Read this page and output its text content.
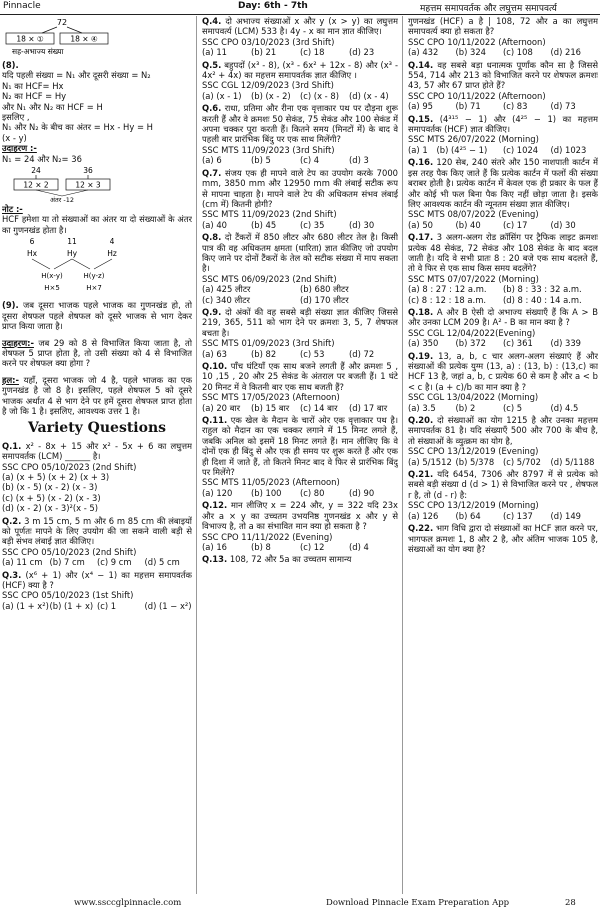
Pinnacle	Day: 6th - 7th	महत्तम समापवर्तक और लघुत्तम समापवर्त्य
72
18 × ①	18 × ④
सह-अभाज्य संख्या

(8).

यदि पहली संख्या = N₁ और दूसरी संख्या = N₂

N₁ का HCF= Hx

N₂ का HCF = Hy

और N₁ और N₂ का HCF = H

इसलिए ,

N₁ और N₂ के बीच का अंतर = Hx - Hy = H

(x - y)

उदाहरण :-

N₁ = 24 और N₂= 36

24	36
12 × 2	12 × 3
अंतर -12

नोट :-

HCF हमेशा या तो संख्याओं का अंतर या दो संख्याओं के अंतर का गुणनखंड होता है।

6	11	4
Hx	Hy	Hz
H(x-y)	H(y-z)
H×5	H×7

(9). जब दूसरा भाजक पहले भाजक का गुणनखंड हो, तो दूसरा शेषफल पहले शेषफल को दूसरे भाजक से भाग देकर प्राप्त किया जाता है।

उदाहरण:- जब 29 को 8 से विभाजित किया जाता है, तो शेषफल 5 प्राप्त होता है, तो उसी संख्या को 4 से विभाजित करने पर शेषफल क्या होगा ?

हल:- यहाँ, दूसरा भाजक जो 4 है, पहले भाजक का एक गुणनखंड है जो 8 है। इसलिए, पहले शेषफल 5 को दूसरे भाजक अर्थात 4 से भाग देने पर हमें दूसरा शेषफल प्राप्त होता है जो कि 1 है। इसलिए, आवश्यक उत्तर 1 है।

Variety Questions

Q.1. x² - 8x + 15 और x² - 5x + 6 का लघुत्तम समापवर्तक (LCM) ______ है।

SSC CPO 05/10/2023 (2nd Shift)

(a) (x + 5) (x + 2) (x + 3)

(b) (x - 5) (x - 2) (x - 3)

(c) (x + 5) (x - 2) (x - 3)

(d) (x - 2) (x - 3)²(x - 5)

Q.2. 3 m 15 cm, 5 m और 6 m 85 cm की लंबाइयों को पूर्णतः मापने के लिए उपयोग की जा सकने वाली बड़ी से बड़ी संभव लंबाई ज्ञात कीजिए।

SSC CPO 05/10/2023 (2nd Shift)

(a) 11 cm (b) 7 cm	(c) 9 cm	(d) 5 cm

Q.3. (x⁶ + 1) और (x⁴ − 1) का महत्तम समापवर्तक (HCF) क्या है ?

SSC CPO 05/10/2023 (1st Shift)

(a) (1 + x²) (b) (1 + x) (c) 1	(d) (1 − x²)

Q.4. दो अभाज्य संख्याओं x और y (x > y) का लघुत्तम समापवर्त्य (LCM) 533 है। 4y - x का मान ज्ञात कीजिए।

SSC CPO 03/10/2023 (3rd Shift)

(a) 11	(b) 21	(c) 18	(d) 23

Q.5. बहुपदों (x³ - 8), (x³ - 6x² + 12x - 8) और (x³ - 4x² + 4x) का महत्तम समापवर्तक ज्ञात कीजिए ।

SSC CGL 12/09/2023 (3rd Shift)

(a) (x - 1)	(b) (x - 2)	(c) (x - 8)	(d) (x - 4)

Q.6. राधा, प्रतिमा और रीना एक वृत्ताकार पथ पर दौड़ना शुरू करती हैं और वे क्रमशः 50 सेकंड, 75 सेकंड और 100 सेकंड में अपना चक्कर पूरा करती हैं। कितने समय (मिनटों में) के बाद वे पहली बार प्रारंभिक बिंदु पर एक साथ मिलेंगी?

SSC MTS 11/09/2023 (3rd Shift)

(a) 6	(b) 5	(c) 4	(d) 3

Q.7. संजय एक ही मापने वाले टेप का उपयोग करके 7000 mm, 3850 mm और 12950 mm की लंबाई सटीक रूप से मापना चाहता है। मापने वाले टेप की अधिकतम संभव लंबाई (cm में) कितनी होगी?

SSC MTS 11/09/2023 (2nd Shift)

(a) 40	(b) 45	(c) 35	(d) 30

Q.8. दो टैंकरों में 850 लीटर और 680 लीटर तेल है। किसी पात्र की वह अधिकतम क्षमता (धारिता) ज्ञात कीजिए जो उपयोग किए जाने पर दोनों टैंकरों के तेल को सटीक संख्या में माप सकता है।

SSC MTS 06/09/2023 (2nd Shift)

(a) 425 लीटर	(b) 680 लीटर
(c) 340 लीटर	(d) 170 लीटर

Q.9. दो अंकों की वह सबसे बड़ी संख्या ज्ञात कीजिए जिससे 219, 365, 511 को भाग देने पर क्रमशः 3, 5, 7 शेषफल बचता है।

SSC MTS 01/09/2023 (3rd Shift)

(a) 63	(b) 82	(c) 53	(d) 72

Q.10. पाँच घंटियाँ एक साथ बजने लगती हैं और क्रमशः 5 , 10 ,15 , 20 और 25 सेकंड के अंतराल पर बजती हैं। 1 घंटे 20 मिनट में वे कितनी बार एक साथ बजती हैं?

SSC MTS 17/05/2023 (Afternoon)

(a) 20 बार	(b) 15 बार	(c) 14 बार	(d) 17 बार

Q.11. एक खेल के मैदान के चारों ओर एक वृत्ताकार पथ है। राहुल को मैदान का एक चक्कर लगाने में 15 मिनट लगते हैं, जबकि अनिल को इसमें 18 मिनट लगते हैं। मान लीजिए कि वे दोनों एक ही बिंदु से और एक ही समय पर शुरू करते हैं और एक ही दिशा में जाते हैं, तो कितने मिनट बाद वे फिर से प्रारंभिक बिंदु पर मिलेंगे?

SSC MTS 11/05/2023 (Afternoon)

(a) 120	(b) 100	(c) 80	(d) 90

Q.12. मान लीजिए x = 224 और, y = 322 यदि 23x और a × y का उच्चतम उभयनिष्ठ गुणनखंड x और y से विभाज्य है, तो a का संभावित मान क्या हो सकता है ?

SSC CPO 11/11/2022 (Evening)

(a) 16	(b) 8	(c) 12	(d) 4

Q.13. 108, 72 और 5a का उच्चतम सामान्य

गुणनखंड (HCF) a है | 108, 72 और a का लघुत्तम समापवर्त्य क्या हो सकता है?

SSC CPO 10/11/2022 (Afternoon)

(a) 432	(b) 324	(c) 108	(d) 216

Q.14. वह सबसे बड़ा धनात्मक पूर्णांक कौन सा है जिससे 554, 714 और 213 को विभाजित करने पर शेषफल क्रमशः 43, 57 और 67 प्राप्त होते हैं?

SSC CPO 10/11/2022 (Afternoon)

(a) 95	(b) 71	(c) 83	(d) 73

Q.15. (4³¹⁵ − 1) और (4²⁵ − 1) का महत्तम समापवर्तक (HCF) ज्ञात कीजिए।

SSC MTS 26/07/2022 (Morning)

(a) 1	(b) (4²⁵ − 1)	(c) 1024	(d) 1023

Q.16. 120 सेब, 240 संतरे और 150 नाशपाती कार्टन में इस तरह पैक किए जाते हैं कि प्रत्येक कार्टन में फलों की संख्या बराबर होती है। प्रत्येक कार्टन में केवल एक ही प्रकार के फल हैं और कोई भी फल बिना पैक किए नहीं छोड़ा जाता है। इसके लिए आवश्यक कार्टन की न्यूनतम संख्या ज्ञात कीजिए।

SSC MTS 08/07/2022 (Evening)

(a) 50	(b) 40	(c) 17	(d) 30

Q.17. 3 अलग-अलग रोड क्रॉसिंग पर ट्रैफिक लाइट क्रमशः प्रत्येक 48 सेकंड, 72 सेकंड और 108 सेकंड के बाद बदल जाती है। यदि वे सभी प्रातः 8 : 20 बजे एक साथ बदलते हैं, तो वे फिर से एक साथ किस समय बदलेंगे?

SSC MTS 07/07/2022 (Morning)

(a) 8 : 27 : 12 a.m.	(b) 8 : 33 : 32 a.m.
(c) 8 : 12 : 18 a.m.	(d) 8 : 40 : 14 a.m.

Q.18. A और B ऐसी दो अभाज्य संख्याएँ हैं कि A > B और उनका LCM 209 है। A² - B का मान क्या है ?

SSC CGL 12/04/2022(Evening)

(a) 350	(b) 372	(c) 361	(d) 339

Q.19. 13, a, b, c चार अलग-अलग संख्याएं हैं और संख्याओं की प्रत्येक युग्म (13, a) : (13, b) : (13,c) का HCF 13 है, जहां a, b, c प्रत्येक 60 से कम है और a < b < c है। (a + c)/b का मान क्या है ?

SSC CGL 13/04/2022 (Morning)

(a) 3.5	(b) 2	(c) 5	(d) 4.5

Q.20. दो संख्याओं का योग 1215 है और उनका महत्तम समापवर्तक 81 है। यदि संख्याएँ 500 और 700 के बीच है, तो संख्याओं के व्युत्क्रम का योग है,

SSC CPO 13/12/2019 (Evening)

(a) 5/1512 (b) 5/378	(c) 5/702	(d) 5/1188

Q.21. यदि 6454, 7306 और 8797 में से प्रत्येक को सबसे बड़ी संख्या d (d > 1) से विभाजित करने पर , शेषफल r है, तो (d - r) है:

SSC CPO 13/12/2019 (Morning)

(a) 126	(b) 64	(c) 137	(d) 149

Q.22. भाग विधि द्वारा दो संख्याओं का HCF ज्ञात करने पर, भागफल क्रमशः 1, 8 और 2 है, और अंतिम भाजक 105 है, संख्याओं का योग क्या है?

www.ssccglpinnacle.com	Download Pinnacle Exam Preparation App	28
